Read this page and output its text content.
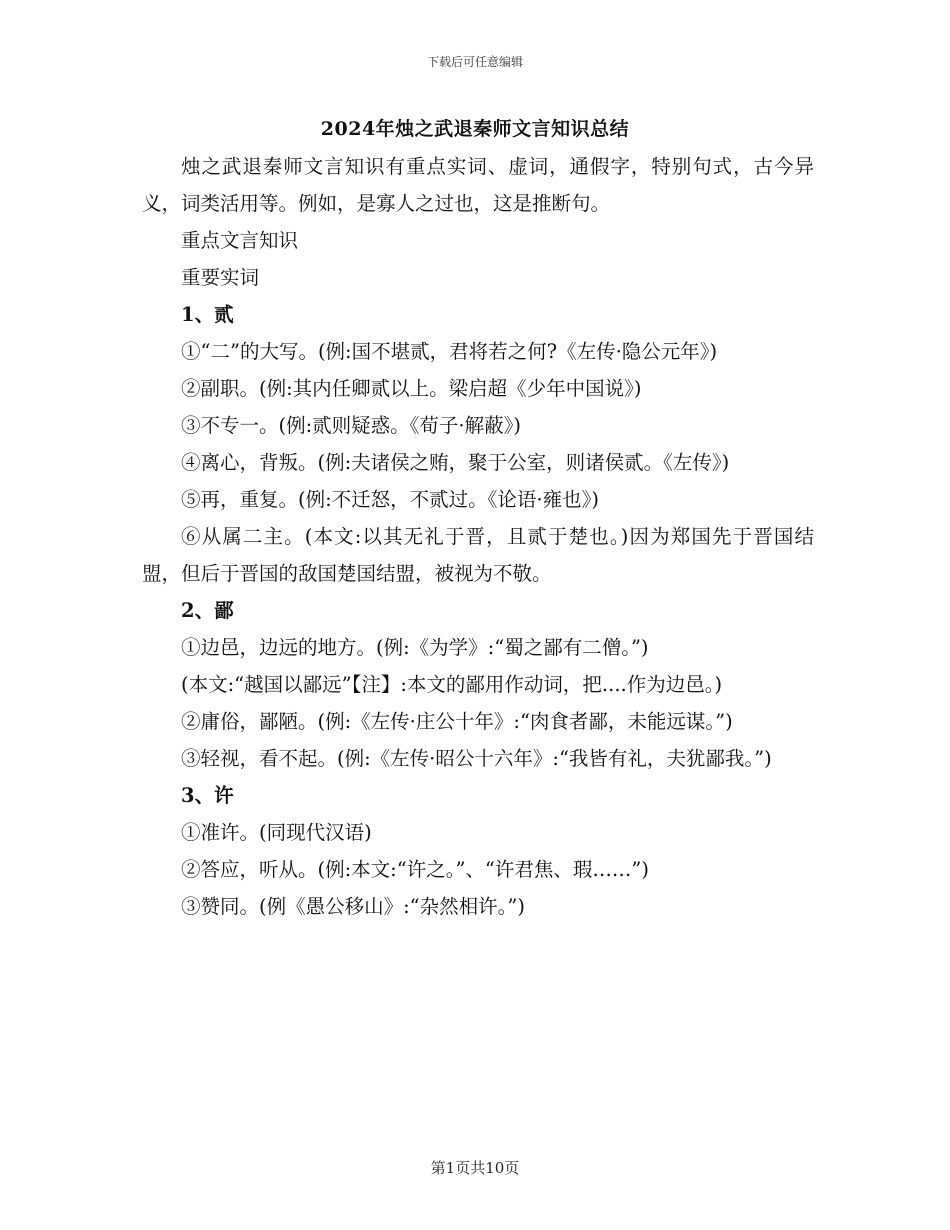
下载后可任意编辑
2024年烛之武退秦师文言知识总结

烛之武退秦师文言知识有重点实词、虚词，通假字，特别句式，古今异义，词类活用等。例如，是寡人之过也，这是推断句。

重点文言知识

重要实词

1、贰

①“二”的大写。(例:国不堪贰，君将若之何?《左传·隐公元年》)

②副职。(例:其内任卿贰以上。梁启超《少年中国说》)

③不专一。(例:贰则疑惑。《荀子·解蔽》)

④离心，背叛。(例:夫诸侯之贿，聚于公室，则诸侯贰。《左传》)

⑤再，重复。(例:不迁怒，不贰过。《论语·雍也》)

⑥从属二主。(本文:以其无礼于晋，且贰于楚也。)因为郑国先于晋国结盟，但后于晋国的敌国楚国结盟，被视为不敬。

2、鄙

①边邑，边远的地方。(例:《为学》:“蜀之鄙有二僧。”)

(本文:“越国以鄙远”【注】:本文的鄙用作动词，把....作为边邑。)

②庸俗，鄙陋。(例:《左传·庄公十年》:“肉食者鄙，未能远谋。”)

③轻视，看不起。(例:《左传·昭公十六年》:“我皆有礼，夫犹鄙我。”)

3、许

①准许。(同现代汉语)

②答应，听从。(例:本文:“许之。”、“许君焦、瑕……”)

③赞同。(例《愚公移山》:“杂然相许。”)

第1页共10页
